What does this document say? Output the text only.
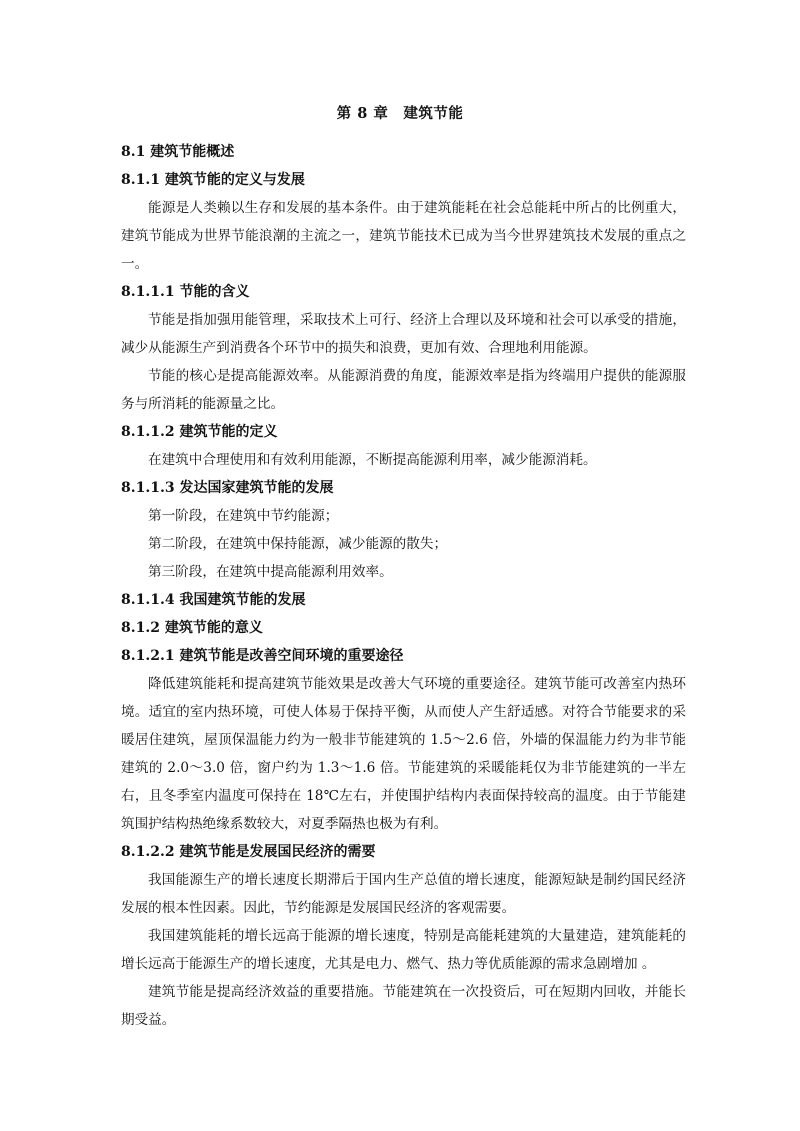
第 8 章　建筑节能
8.1 建筑节能概述
8.1.1 建筑节能的定义与发展
能源是人类赖以生存和发展的基本条件。由于建筑能耗在社会总能耗中所占的比例重大，建筑节能成为世界节能浪潮的主流之一，建筑节能技术已成为当今世界建筑技术发展的重点之一。
8.1.1.1 节能的含义
节能是指加强用能管理，采取技术上可行、经济上合理以及环境和社会可以承受的措施，减少从能源生产到消费各个环节中的损失和浪费，更加有效、合理地利用能源。
节能的核心是提高能源效率。从能源消费的角度，能源效率是指为终端用户提供的能源服务与所消耗的能源量之比。
8.1.1.2 建筑节能的定义
在建筑中合理使用和有效利用能源，不断提高能源利用率，减少能源消耗。
8.1.1.3 发达国家建筑节能的发展
第一阶段，在建筑中节约能源；
第二阶段，在建筑中保持能源，减少能源的散失；
第三阶段，在建筑中提高能源利用效率。
8.1.1.4 我国建筑节能的发展
8.1.2 建筑节能的意义
8.1.2.1 建筑节能是改善空间环境的重要途径
降低建筑能耗和提高建筑节能效果是改善大气环境的重要途径。建筑节能可改善室内热环境。适宜的室内热环境，可使人体易于保持平衡，从而使人产生舒适感。对符合节能要求的采暖居住建筑，屋顶保温能力约为一般非节能建筑的 1.5～2.6 倍，外墙的保温能力约为非节能建筑的 2.0～3.0 倍，窗户约为 1.3～1.6 倍。节能建筑的采暖能耗仅为非节能建筑的一半左右，且冬季室内温度可保持在 18℃左右，并使围护结构内表面保持较高的温度。由于节能建筑围护结构热绝缘系数较大，对夏季隔热也极为有利。
8.1.2.2 建筑节能是发展国民经济的需要
我国能源生产的增长速度长期滞后于国内生产总值的增长速度，能源短缺是制约国民经济发展的根本性因素。因此，节约能源是发展国民经济的客观需要。
我国建筑能耗的增长远高于能源的增长速度，特别是高能耗建筑的大量建造，建筑能耗的增长远高于能源生产的增长速度，尤其是电力、燃气、热力等优质能源的需求急剧增加 。
建筑节能是提高经济效益的重要措施。节能建筑在一次投资后，可在短期内回收，并能长期受益。
